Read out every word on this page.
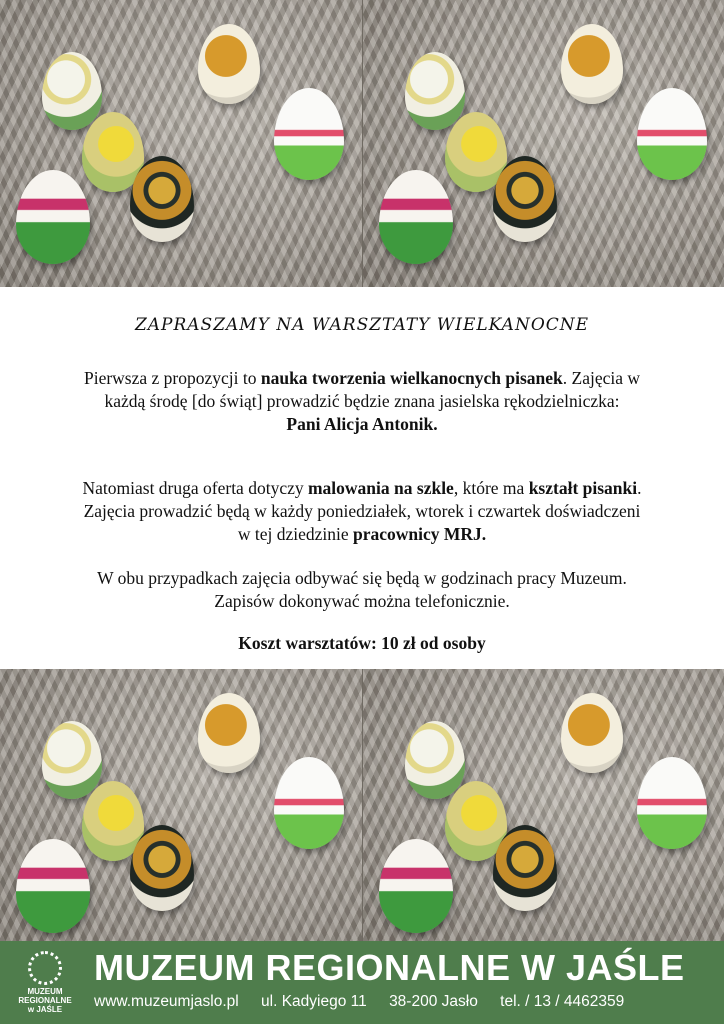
ZAPRASZAMY NA WARSZTATY WIELKANOCNE
Pierwsza z propozycji to nauka tworzenia wielkanocnych pisanek. Zajęcia w każdą środę [do świąt] prowadzić będzie znana jasielska rękodzielniczka:
Pani Alicja Antonik.
Natomiast druga oferta dotyczy malowania na szkle, które ma kształt pisanki. Zajęcia prowadzić będą w każdy poniedziałek, wtorek i czwartek doświadczeni w tej dziedzinie pracownicy MRJ.
W obu przypadkach zajęcia odbywać się będą w godzinach pracy Muzeum. Zapisów dokonywać można telefonicznie.
Koszt warsztatów: 10 zł od osoby
MUZEUM
REGIONALNE
w JAŚLE
MUZEUM REGIONALNE W JAŚLE
www.muzeumjaslo.pl ul. Kadyiego 11 38-200 Jasło tel. / 13 / 4462359
